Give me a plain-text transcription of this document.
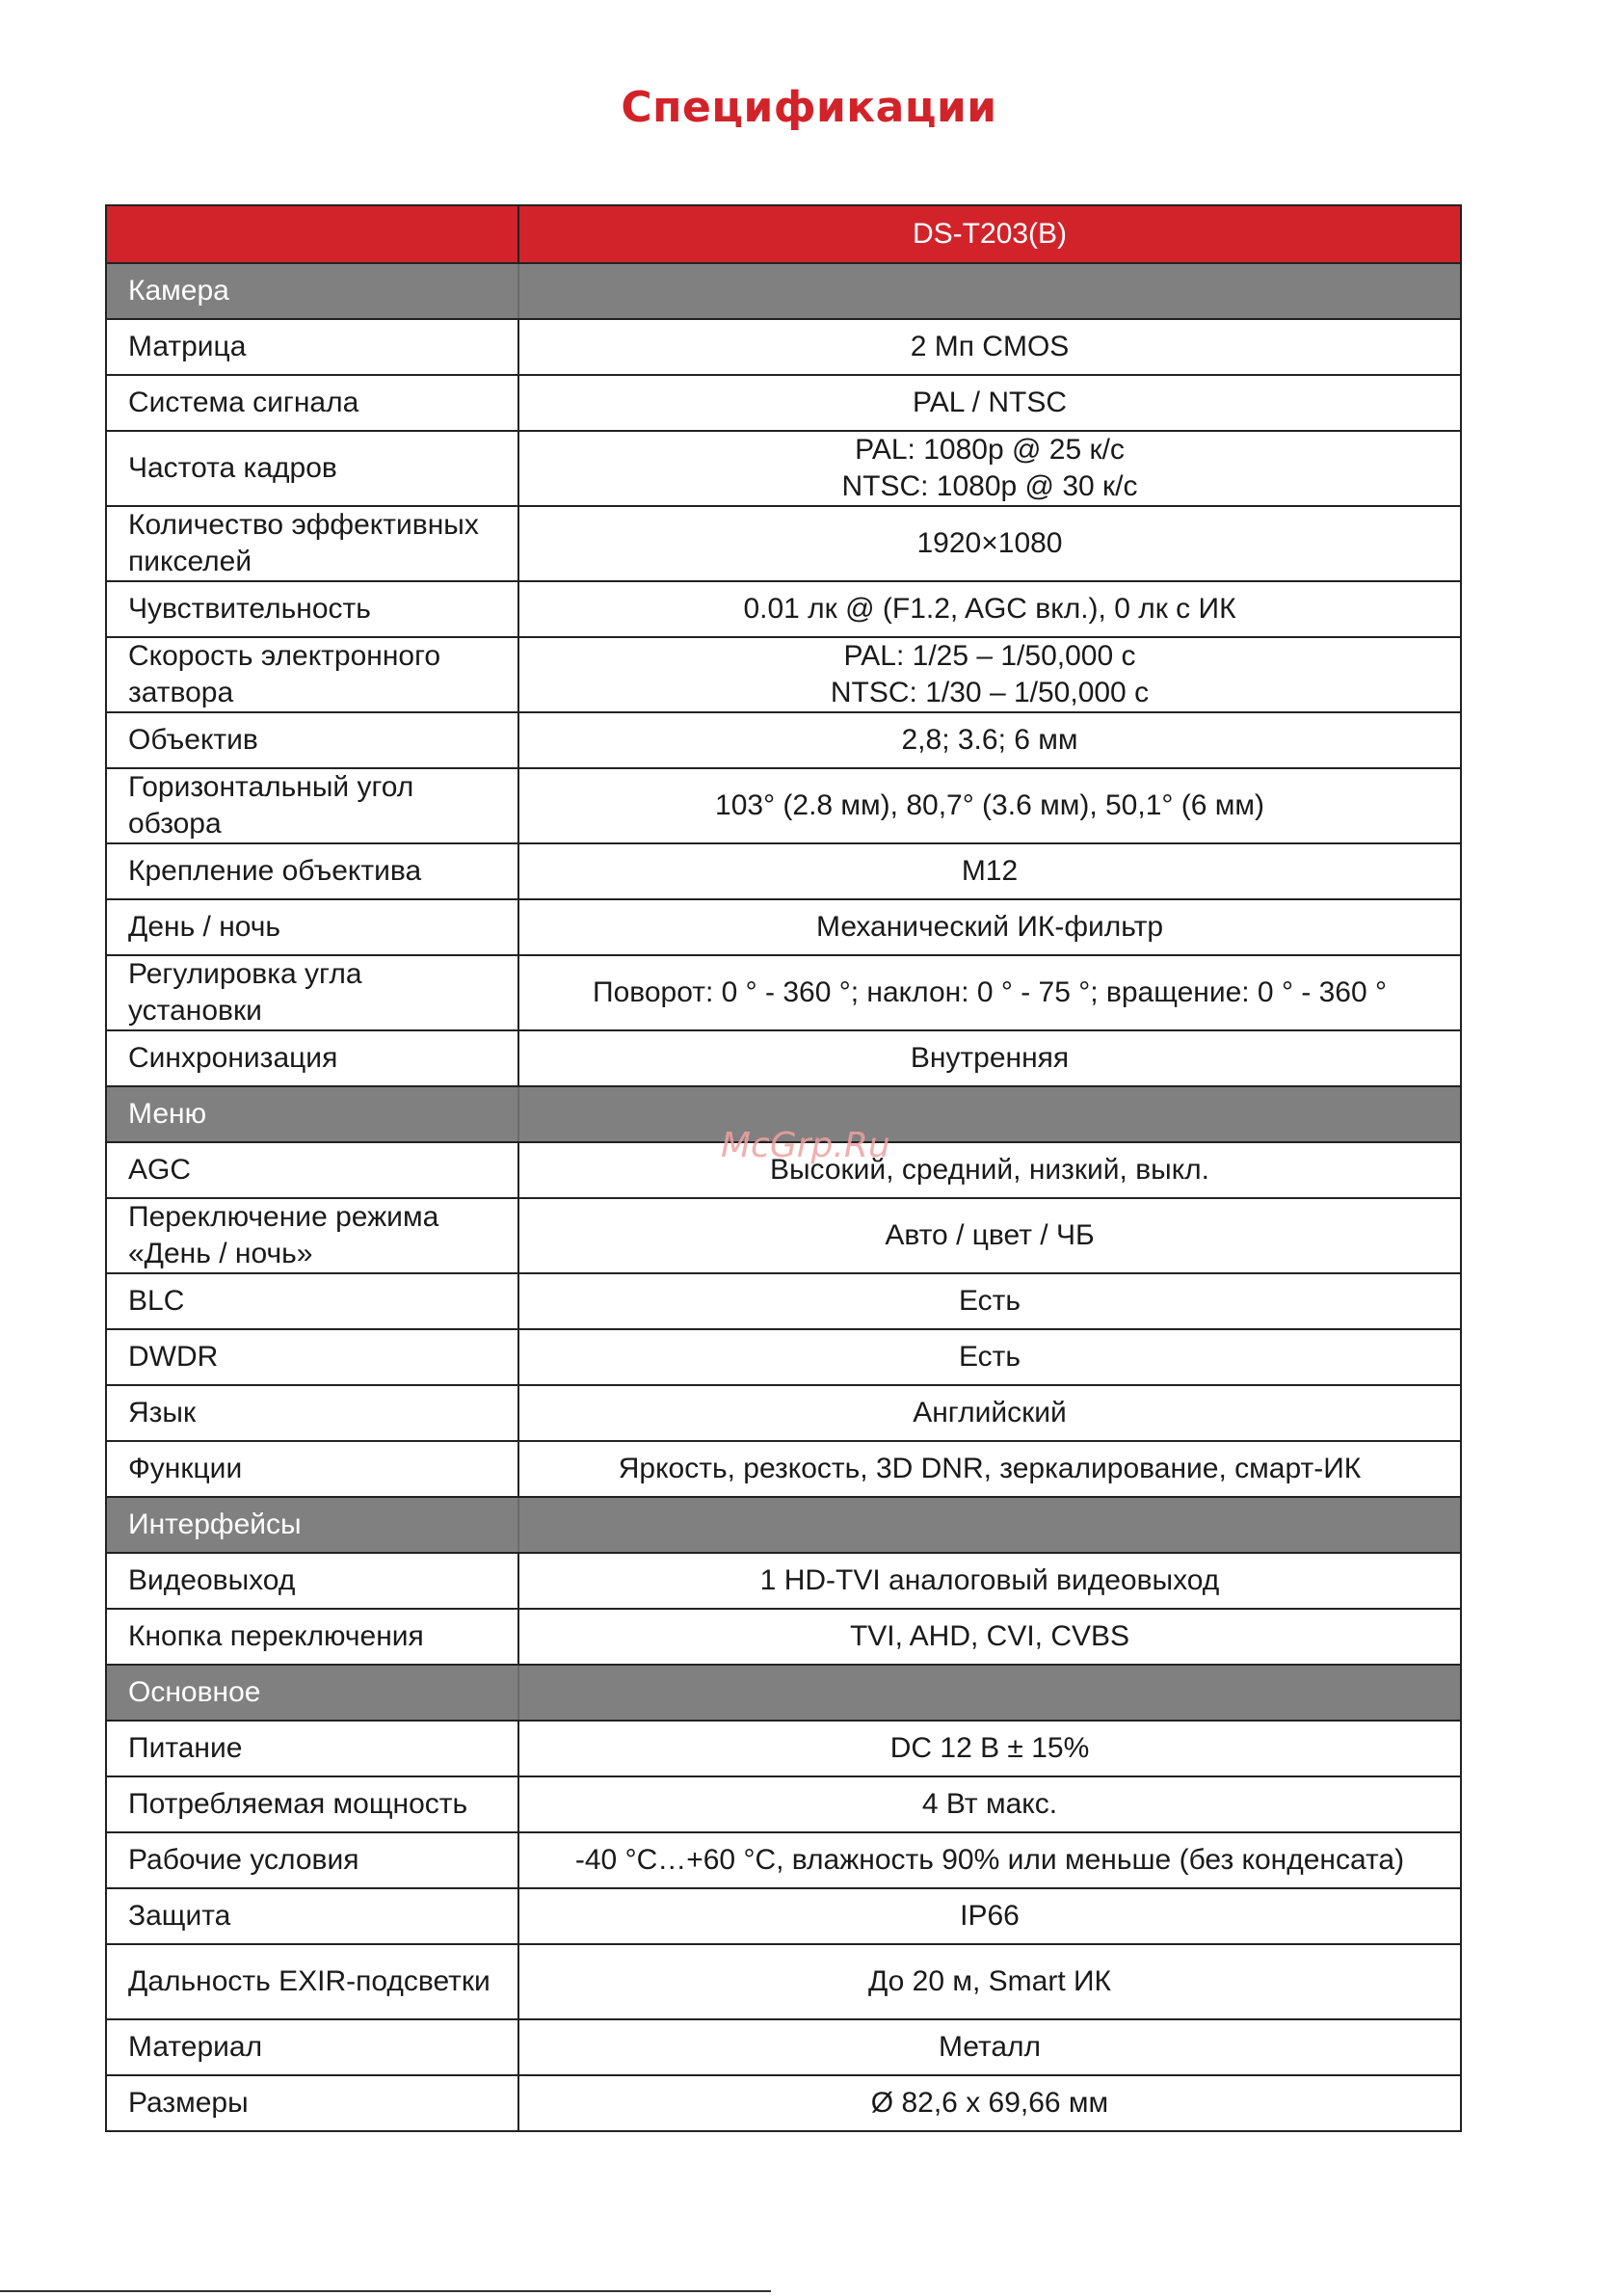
Спецификации
	DS-T203(B)
Камера	
Матрица	2 Мп CMOS
Система сигнала	PAL / NTSC
Частота кадров	PAL: 1080p @ 25 к/с
NTSC: 1080p @ 30 к/с

Количество эффективных пикселей	1920×1080
Чувствительность	0.01 лк @ (F1.2, AGC вкл.), 0 лк с ИК
Скорость электронного затвора	PAL: 1/25 – 1/50,000 с
NTSC: 1/30 – 1/50,000 с

Объектив	2,8; 3.6; 6 мм
Горизонтальный угол обзора	103° (2.8 мм), 80,7° (3.6 мм), 50,1° (6 мм)
Крепление объектива	M12
День / ночь	Механический ИК-фильтр
Регулировка угла установки	Поворот: 0 ° - 360 °; наклон: 0 ° - 75 °; вращение: 0 ° - 360 °
Синхронизация	Внутренняя
Меню	
AGC	Высокий, средний, низкий, выкл.
Переключение режима «День / ночь»	Авто / цвет / ЧБ
BLC	Есть
DWDR	Есть
Язык	Английский
Функции	Яркость, резкость, 3D DNR, зеркалирование, смарт-ИК
Интерфейсы	
Видеовыход	1 HD-TVI аналоговый видеовыход
Кнопка переключения	TVI, AHD, CVI, CVBS
Основное	
Питание	DC 12 В ± 15%
Потребляемая мощность	4 Вт макс.
Рабочие условия	-40 °C…+60 °C, влажность 90% или меньше (без конденсата)
Защита	IP66
Дальность EXIR-подсветки	До 20 м, Smart ИК
Материал	Металл
Размеры	Ø 82,6 x 69,66 мм
McGrp.Ru
